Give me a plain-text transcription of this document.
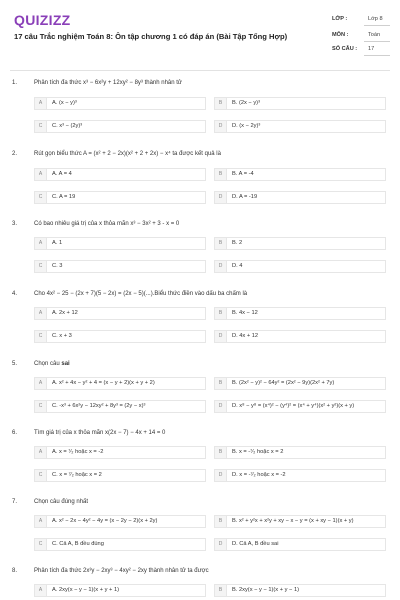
QUIZIZZ
17 câu Trắc nghiệm Toán 8: Ôn tập chương 1 có đáp án (Bài Tập Tổng Hợp)
LỚP :	Lớp 8
MÔN :	Toán
SỐ CÂU : 17
1.	Phân tích đa thức x³ − 6x²y + 12xy² − 8y³ thành nhân tử
A	A. (x − y)³	B	B. (2x − y)³
C	C. x³ − (2y)³	D	D. (x − 2y)³
2.	Rút gọn biểu thức A = (x² + 2 − 2x)(x² + 2 + 2x) − x⁴ ta được kết quả là
A	A. A = 4	B	B. A = -4
C	C. A = 19	D	D. A = -19
3.	Có bao nhiêu giá trị của x thỏa mãn x³ − 3x² + 3 - x = 0
A	A. 1	B	B. 2
C	C. 3	D	D. 4
4.	Cho 4x² − 25 − (2x + 7)(5 − 2x) = (2x − 5)(...).Biểu thức điền vào dấu ba chấm là
A	A. 2x + 12	B	B. 4x − 12
C	C. x + 3	D	D. 4x + 12
5.	Chọn câu sai
A	A. x² + 4x − y² + 4 = (x − y + 2)(x + y + 2)	B	B. (2x² − y)² − 64y² = (2x² − 9y)(2x² + 7y)
C	C. -x³ + 6x²y − 12xy² + 8y³ = (2y − x)³	D	D. x⁸ − y⁸ = (x⁴)² − (y⁴)² = (x⁴ + y⁴)(x² + y²)(x + y)
6.	Tìm giá trị của x thỏa mãn x(2x − 7) − 4x + 14 = 0
A	A. x = ⁷⁄₂ hoặc x = -2	B	B. x = -⁷⁄₂ hoặc x = 2
C	C. x = ⁷⁄₂ hoặc x = 2	D	D. x = -⁷⁄₂ hoặc x = -2
7.	Chọn câu đúng nhất
A	A. x² − 2x − 4y² − 4y = (x − 2y − 2)(x + 2y)	B	B. x² + y²x + x²y + xy − x − y = (x + xy − 1)(x + y)
C	C. Cả A, B đều đúng	D	D. Cả A, B đều sai
8.	Phân tích đa thức 2x³y − 2xy³ − 4xy² − 2xy thành nhân tử ta được
A	A. 2xy(x − y − 1)(x + y + 1)	B	B. 2xy(x − y − 1)(x + y − 1)
